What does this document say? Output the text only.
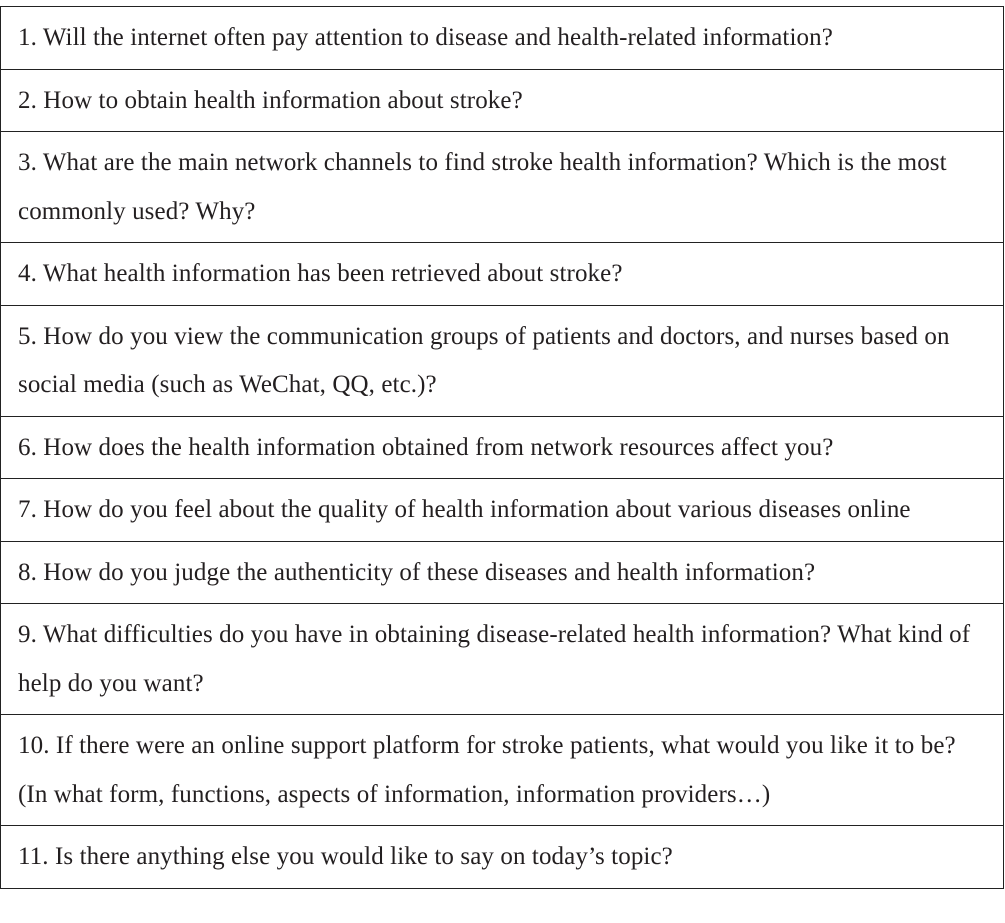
1. Will the internet often pay attention to disease and health-related information?
2. How to obtain health information about stroke?
3. What are the main network channels to find stroke health information? Which is the most commonly used? Why?
4. What health information has been retrieved about stroke?
5. How do you view the communication groups of patients and doctors, and nurses based on social media (such as WeChat, QQ, etc.)?
6. How does the health information obtained from network resources affect you?
7. How do you feel about the quality of health information about various diseases online
8. How do you judge the authenticity of these diseases and health information?
9. What difficulties do you have in obtaining disease-related health information? What kind of help do you want?
10. If there were an online support platform for stroke patients, what would you like it to be? (In what form, functions, aspects of information, information providers…)
11. Is there anything else you would like to say on today’s topic?
